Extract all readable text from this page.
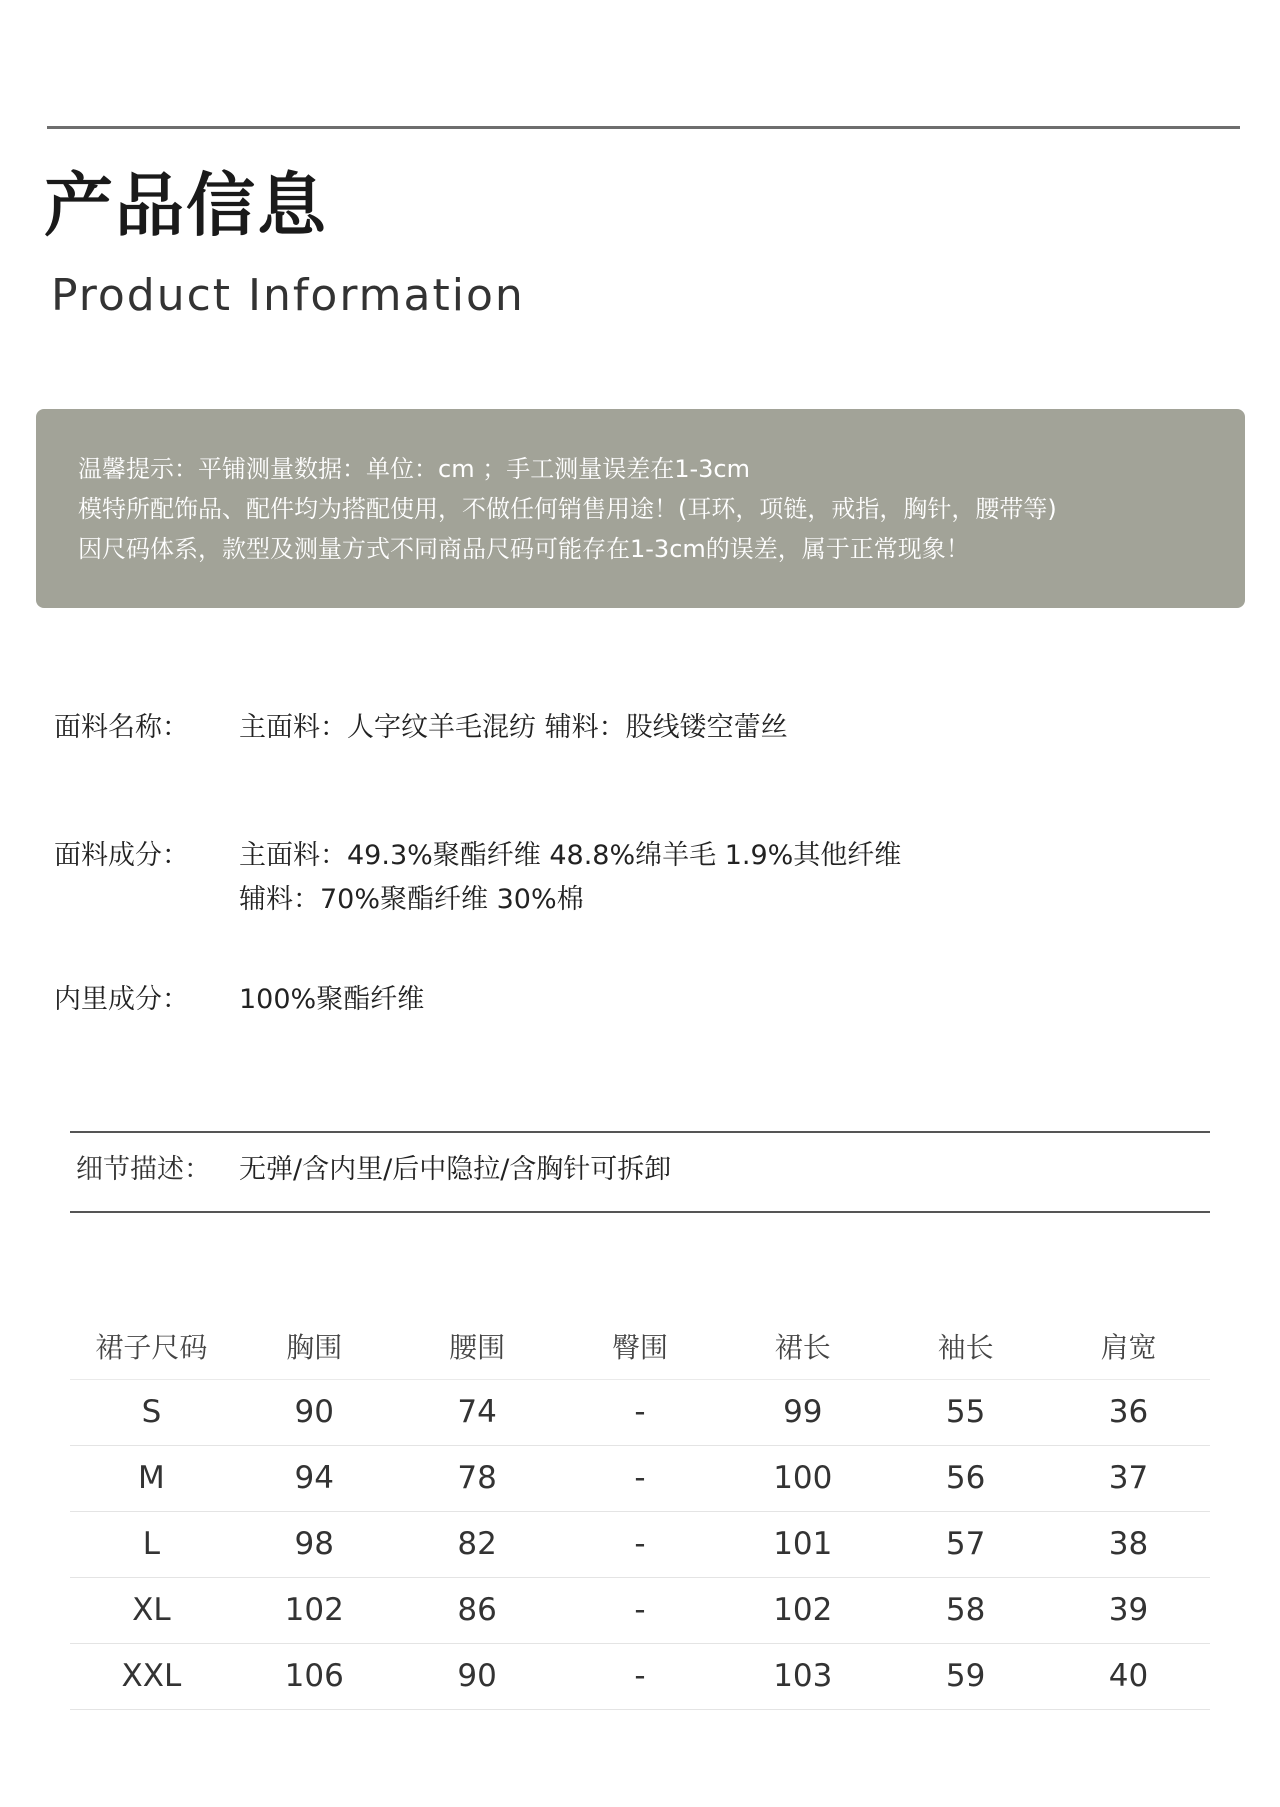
产品信息
Product Information
温馨提示：平铺测量数据：单位：cm ；手工测量误差在1-3cm
模特所配饰品、配件均为搭配使用，不做任何销售用途！(耳环，项链，戒指，胸针，腰带等)
因尺码体系，款型及测量方式不同商品尺码可能存在1-3cm的误差，属于正常现象！
面料名称： 主面料：人字纹羊毛混纺 辅料：股线镂空蕾丝
面料成分： 主面料：49.3%聚酯纤维 48.8%绵羊毛 1.9%其他纤维
辅料：70%聚酯纤维 30%棉
内里成分： 100%聚酯纤维
细节描述： 无弹/含内里/后中隐拉/含胸针可拆卸
裙子尺码	胸围	腰围	臀围	裙长	袖长	肩宽
S	90	74	-	99	55	36
M	94	78	-	100	56	37
L	98	82	-	101	57	38
XL	102	86	-	102	58	39
XXL	106	90	-	103	59	40
